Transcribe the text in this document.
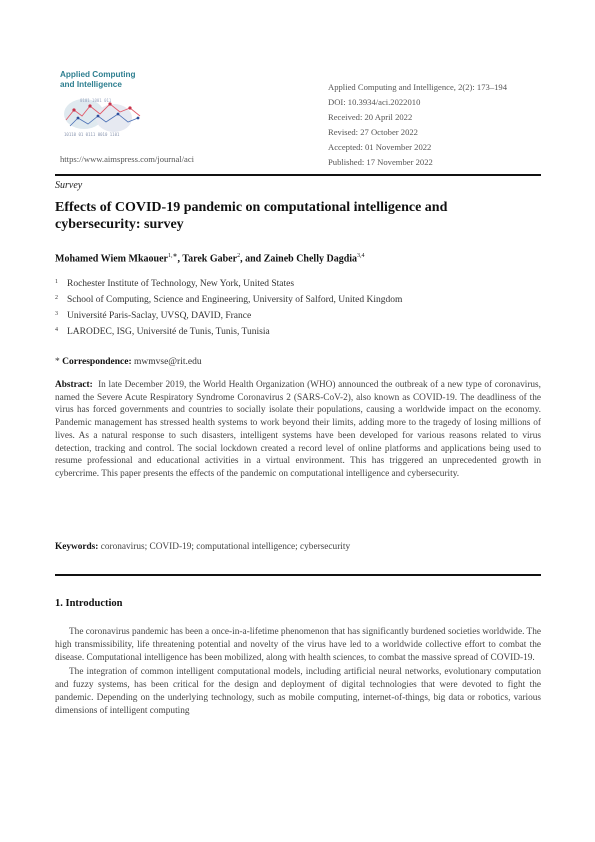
Applied Computing
and Intelligence
10110 01 0111 0010 1101
0101 1001 011
https://www.aimspress.com/journal/aci
Applied Computing and Intelligence, 2(2): 173–194
DOI: 10.3934/aci.2022010
Received: 20 April 2022
Revised: 27 October 2022
Accepted: 01 November 2022
Published: 17 November 2022
Survey
Effects of COVID-19 pandemic on computational intelligence and cybersecurity: survey
Mohamed Wiem Mkaouer$^{1,∗}$, Tarek Gaber$^2$, and Zaineb Chelly Dagdia$^{3,4}$
1 Rochester Institute of Technology, New York, United States
2 School of Computing, Science and Engineering, University of Salford, United Kingdom
3 Université Paris-Saclay, UVSQ, DAVID, France
4 LARODEC, ISG, Université de Tunis, Tunis, Tunisia
* Correspondence: mwmvse@rit.edu
Abstract: In late December 2019, the World Health Organization (WHO) announced the outbreak of a new type of coronavirus, named the Severe Acute Respiratory Syndrome Coronavirus 2 (SARS-CoV-2), also known as COVID-19. The deadliness of the virus has forced governments and countries to socially isolate their populations, causing a worldwide impact on the economy. Pandemic management has stressed health systems to work beyond their limits, adding more to the tragedy of losing millions of lives. As a natural response to such disasters, intelligent systems have been developed for various reasons related to virus detection, tracking and control. The social lockdown created a record level of online platforms and applications being used to resume professional and educational activities in a virtual environment. This has triggered an unprecedented growth in cybercrime. This paper presents the effects of the pandemic on computational intelligence and cybersecurity.
Keywords: coronavirus; COVID-19; computational intelligence; cybersecurity
1. Introduction

The coronavirus pandemic has been a once-in-a-lifetime phenomenon that has significantly burdened societies worldwide. The high transmissibility, life threatening potential and novelty of the virus have led to a worldwide collective effort to combat the disease. Computational intelligence has been mobilized, along with health sciences, to combat the massive spread of COVID-19.

The integration of common intelligent computational models, including artificial neural networks, evolutionary computation and fuzzy systems, has been critical for the design and deployment of digital technologies that were devoted to fight the pandemic. Depending on the underlying technology, such as mobile computing, internet-of-things, big data or robotics, various dimensions of intelligent computing
